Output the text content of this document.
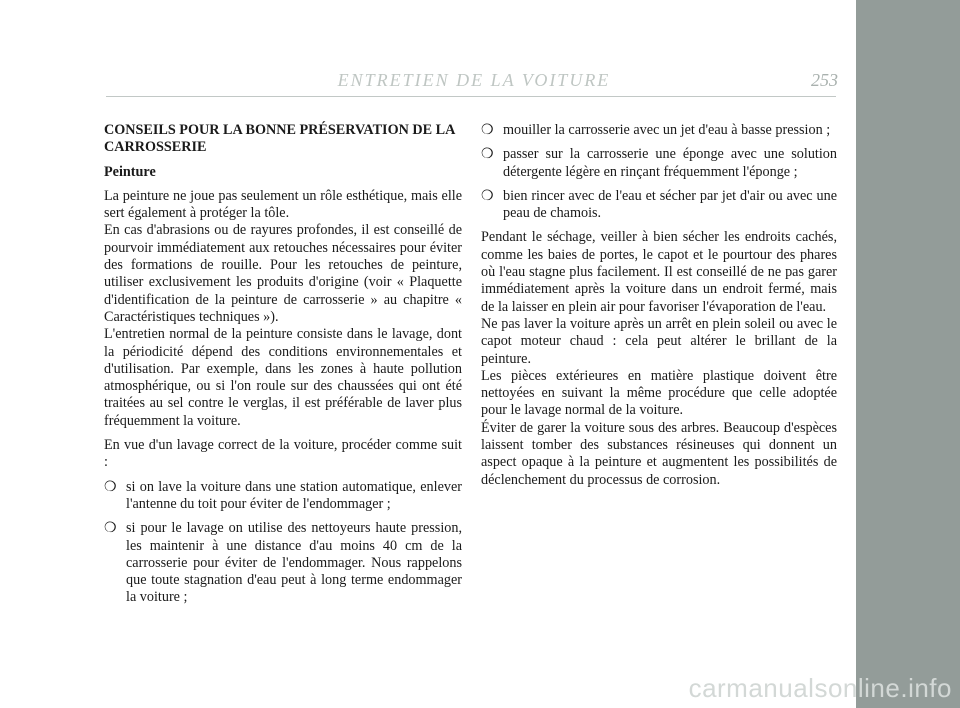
ENTRETIEN DE LA VOITURE	253

CONSEILS POUR LA BONNE PRÉSERVATION DE LA CARROSSERIE

Peinture

La peinture ne joue pas seulement un rôle esthétique, mais elle sert également à protéger la tôle.

En cas d'abrasions ou de rayures profondes, il est conseillé de pourvoir immédiatement aux retouches nécessaires pour éviter des formations de rouille. Pour les retouches de peinture, utiliser exclusivement les produits d'origine (voir « Plaquette d'identification de la peinture de carrosserie » au chapitre « Caractéristiques techniques »).

L'entretien normal de la peinture consiste dans le lavage, dont la périodicité dépend des conditions environnementales et d'utilisation. Par exemple, dans les zones à haute pollution atmosphérique, ou si l'on roule sur des chaussées qui ont été traitées au sel contre le verglas, il est préférable de laver plus fréquemment la voiture.

En vue d'un lavage correct de la voiture, procéder comme suit :

❍ si on lave la voiture dans une station automatique, enlever l'antenne du toit pour éviter de l'endommager ;
❍ si pour le lavage on utilise des nettoyeurs haute pression, les maintenir à une distance d'au moins 40 cm de la carrosserie pour éviter de l'endommager. Nous rappelons que toute stagnation d'eau peut à long terme endommager la voiture ;
❍ mouiller la carrosserie avec un jet d'eau à basse pression ;
❍ passer sur la carrosserie une éponge avec une solution détergente légère en rinçant fréquemment l'éponge ;
❍ bien rincer avec de l'eau et sécher par jet d'air ou avec une peau de chamois.

Pendant le séchage, veiller à bien sécher les endroits cachés, comme les baies de portes, le capot et le pourtour des phares où l'eau stagne plus facilement. Il est conseillé de ne pas garer immédiatement après la voiture dans un endroit fermé, mais de la laisser en plein air pour favoriser l'évaporation de l'eau.

Ne pas laver la voiture après un arrêt en plein soleil ou avec le capot moteur chaud : cela peut altérer le brillant de la peinture.

Les pièces extérieures en matière plastique doivent être nettoyées en suivant la même procédure que celle adoptée pour le lavage normal de la voiture.

Éviter de garer la voiture sous des arbres. Beaucoup d'espèces laissent tomber des substances résineuses qui donnent un aspect opaque à la peinture et augmentent les possibilités de déclenchement du processus de corrosion.

carmanualsonline.info
